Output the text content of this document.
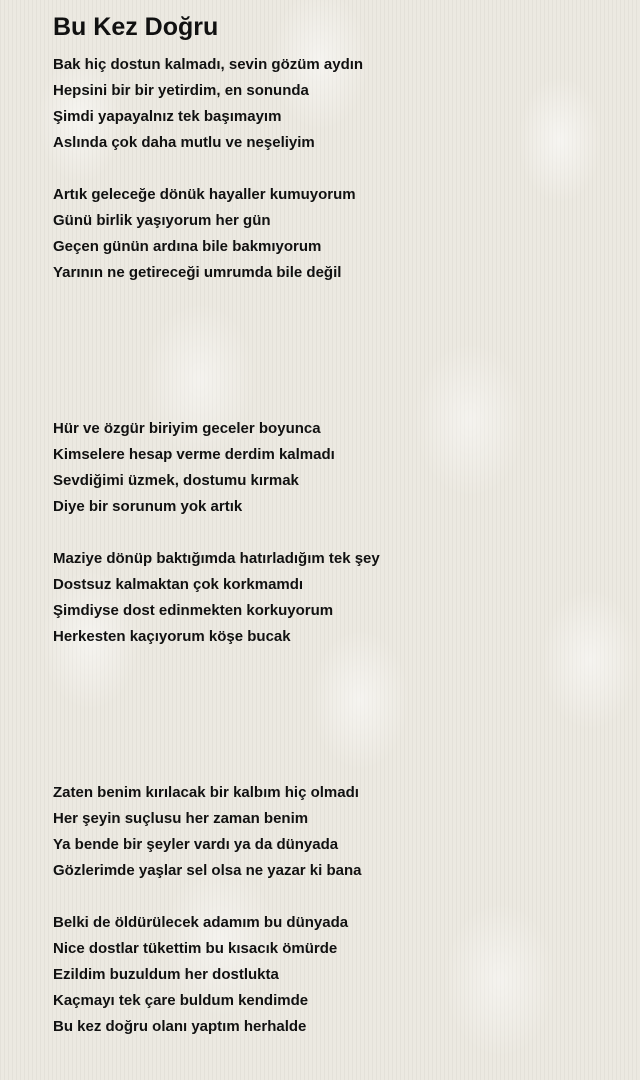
Bu Kez Doğru
Bak hiç dostun kalmadı, sevin gözüm aydın
Hepsini bir bir yetirdim, en sonunda
Şimdi yapayalnız tek başımayım
Aslında çok daha mutlu ve neşeliyim
Artık geleceğe dönük hayaller kumuyorum
Günü birlik yaşıyorum her gün
Geçen günün ardına bile bakmıyorum
Yarının ne getireceği umrumda bile değil
Hür ve özgür biriyim geceler boyunca
Kimselere hesap verme derdim kalmadı
Sevdiğimi üzmek, dostumu kırmak
Diye bir sorunum yok artık
Maziye dönüp baktığımda hatırladığım tek şey
Dostsuz kalmaktan çok korkmamdı
Şimdiyse dost edinmekten korkuyorum
Herkesten kaçıyorum köşe bucak
Zaten benim kırılacak bir kalbım hiç olmadı
Her şeyin suçlusu her zaman benim
Ya bende bir şeyler vardı ya da dünyada
Gözlerimde yaşlar sel olsa ne yazar ki bana
Belki de öldürülecek adamım bu dünyada
Nice dostlar tükettim bu kısacık ömürde
Ezildim buzuldum her dostlukta
Kaçmayı tek çare buldum kendimde
Bu kez doğru olanı yaptım herhalde
